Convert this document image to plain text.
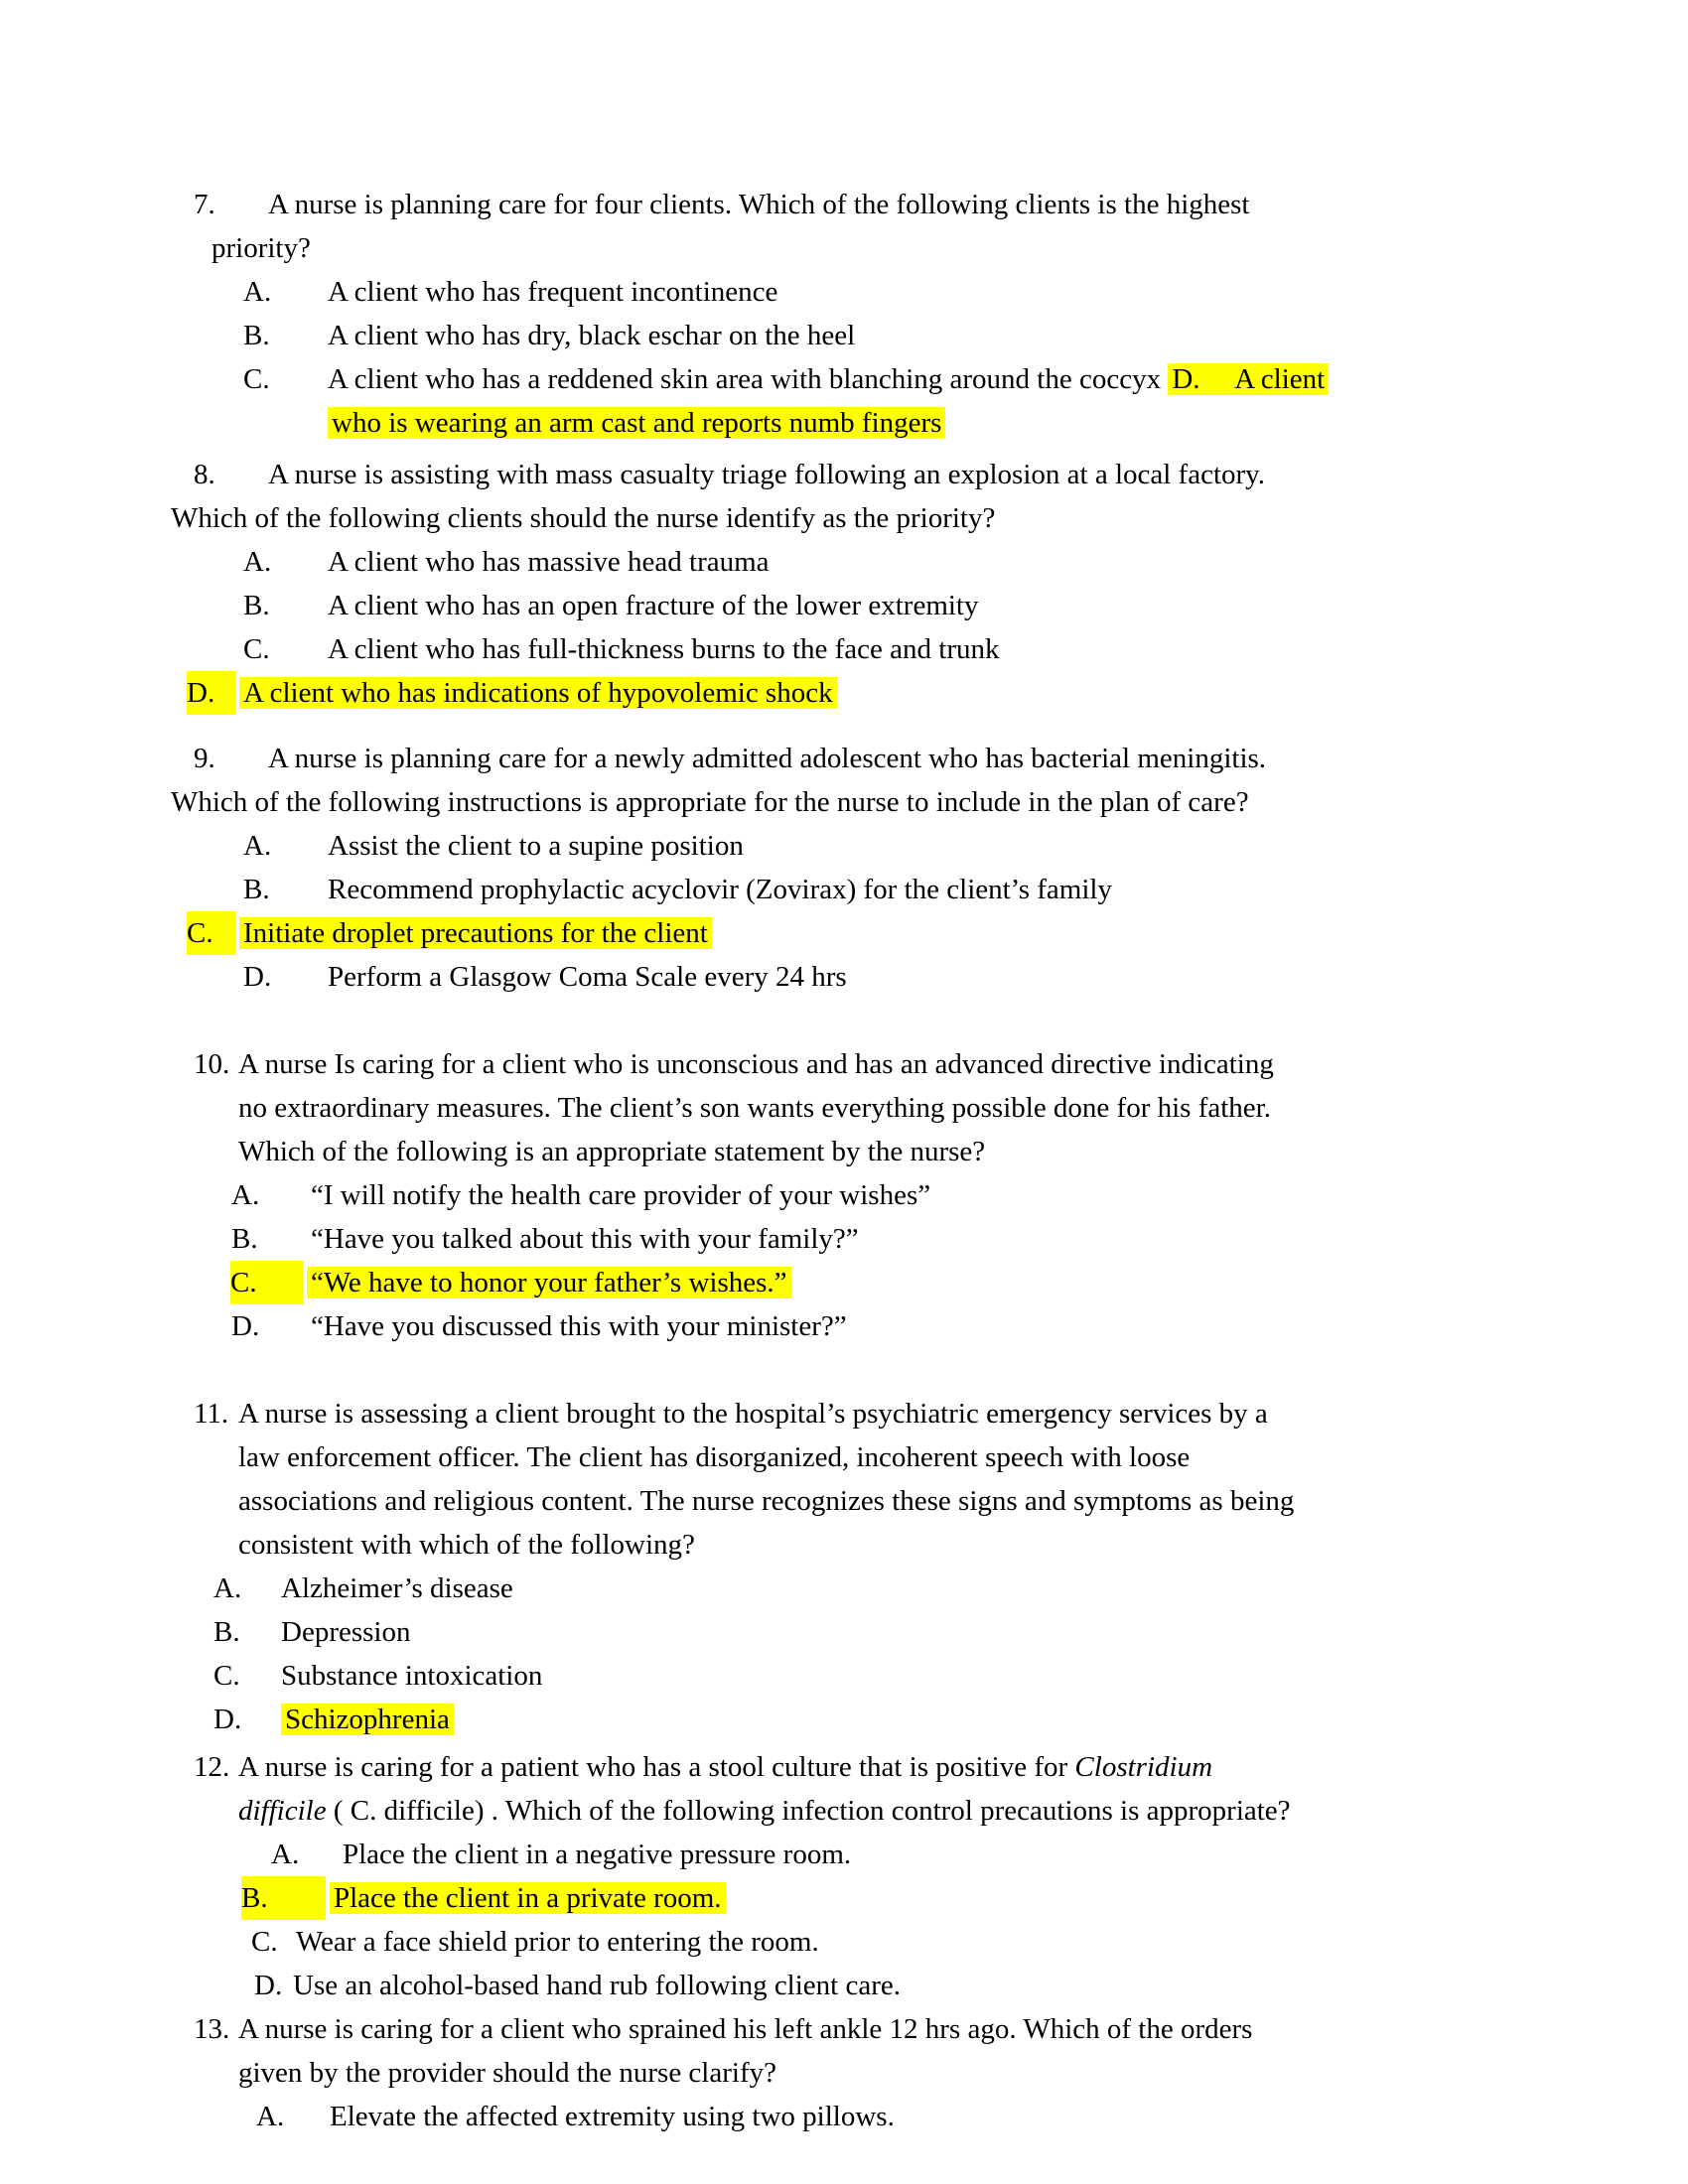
7. A nurse is planning care for four clients. Which of the following clients is the highest
priority?
A. A client who has frequent incontinence
B. A client who has dry, black eschar on the heel
C. A client who has a reddened skin area with blanching around the coccyx D.     A client
who is wearing an arm cast and reports numb fingers
8. A nurse is assisting with mass casualty triage following an explosion at a local factory.
Which of the following clients should the nurse identify as the priority?
A. A client who has massive head trauma
B. A client who has an open fracture of the lower extremity
C. A client who has full-thickness burns to the face and trunk
D. A client who has indications of hypovolemic shock
9. A nurse is planning care for a newly admitted adolescent who has bacterial meningitis.
Which of the following instructions is appropriate for the nurse to include in the plan of care?
A. Assist the client to a supine position
B. Recommend prophylactic acyclovir (Zovirax) for the client’s family
C. Initiate droplet precautions for the client
D. Perform a Glasgow Coma Scale every 24 hrs
10. A nurse Is caring for a client who is unconscious and has an advanced directive indicating
no extraordinary measures. The client’s son wants everything possible done for his father.
Which of the following is an appropriate statement by the nurse?
A. “I will notify the health care provider of your wishes”
B. “Have you talked about this with your family?”
C. “We have to honor your father’s wishes.”
D. “Have you discussed this with your minister?”
11. A nurse is assessing a client brought to the hospital’s psychiatric emergency services by a
law enforcement officer. The client has disorganized, incoherent speech with loose
associations and religious content. The nurse recognizes these signs and symptoms as being
consistent with which of the following?
A. Alzheimer’s disease
B. Depression
C. Substance intoxication
D. Schizophrenia
12. A nurse is caring for a patient who has a stool culture that is positive for Clostridium
difficile ( C. difficile) . Which of the following infection control precautions is appropriate?
A. Place the client in a negative pressure room.
B. Place the client in a private room.
C. Wear a face shield prior to entering the room.
D. Use an alcohol-based hand rub following client care.
13. A nurse is caring for a client who sprained his left ankle 12 hrs ago. Which of the orders
given by the provider should the nurse clarify?
A. Elevate the affected extremity using two pillows.
